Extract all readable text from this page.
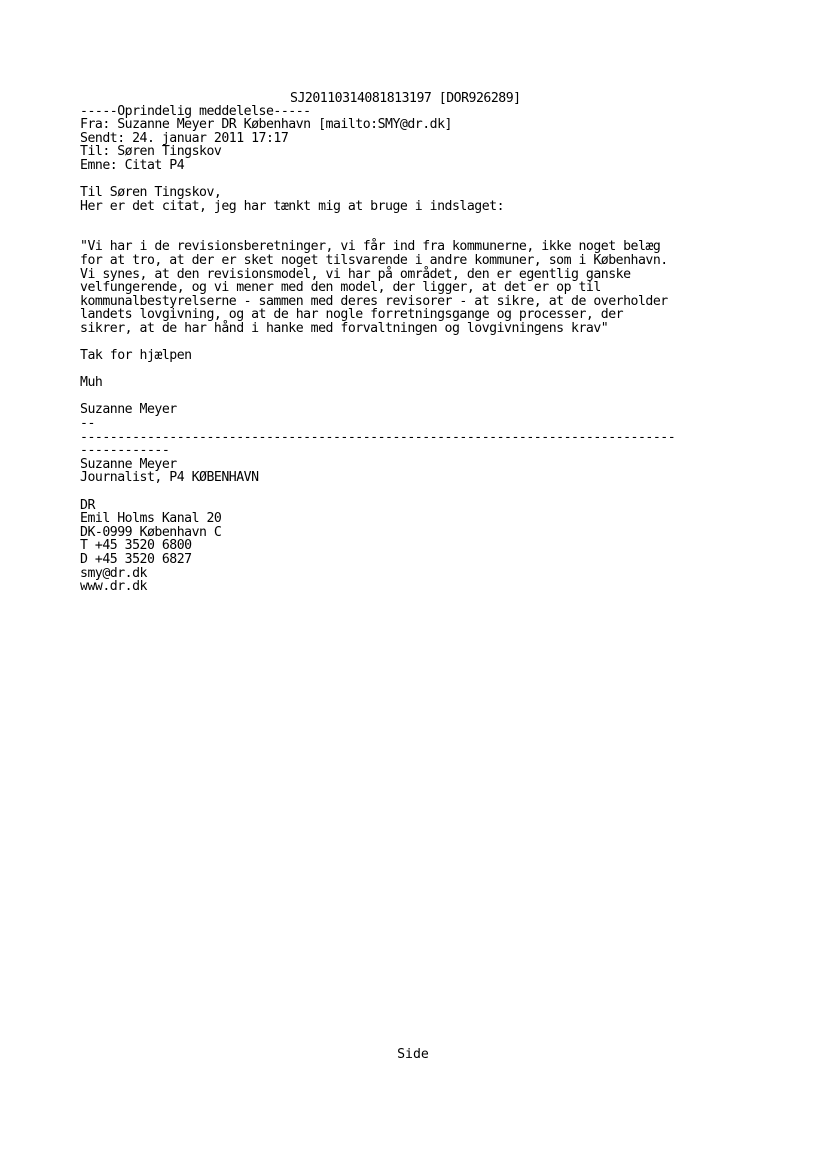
SJ20110314081813197 [DOR926289]
-----Oprindelig meddelelse-----
Fra: Suzanne Meyer DR København [mailto:SMY@dr.dk]
Sendt: 24. januar 2011 17:17
Til: Søren Tingskov
Emne: Citat P4
Til Søren Tingskov,
Her er det citat, jeg har tænkt mig at bruge i indslaget:
"Vi har i de revisionsberetninger, vi får ind fra kommunerne, ikke noget belæg
for at tro, at der er sket noget tilsvarende i andre kommuner, som i København.
Vi synes, at den revisionsmodel, vi har på området, den er egentlig ganske
velfungerende, og vi mener med den model, der ligger, at det er op til
kommunalbestyrelserne - sammen med deres revisorer - at sikre, at de overholder
landets lovgivning, og at de har nogle forretningsgange og processer, der
sikrer, at de har hånd i hanke med forvaltningen og lovgivningens krav"
Tak for hjælpen
Muh
Suzanne Meyer
--
--------------------------------------------------------------------------------
------------
Suzanne Meyer
Journalist, P4 KØBENHAVN
DR
Emil Holms Kanal 20
DK-0999 København C
T +45 3520 6800
D +45 3520 6827
smy@dr.dk
www.dr.dk
Side
